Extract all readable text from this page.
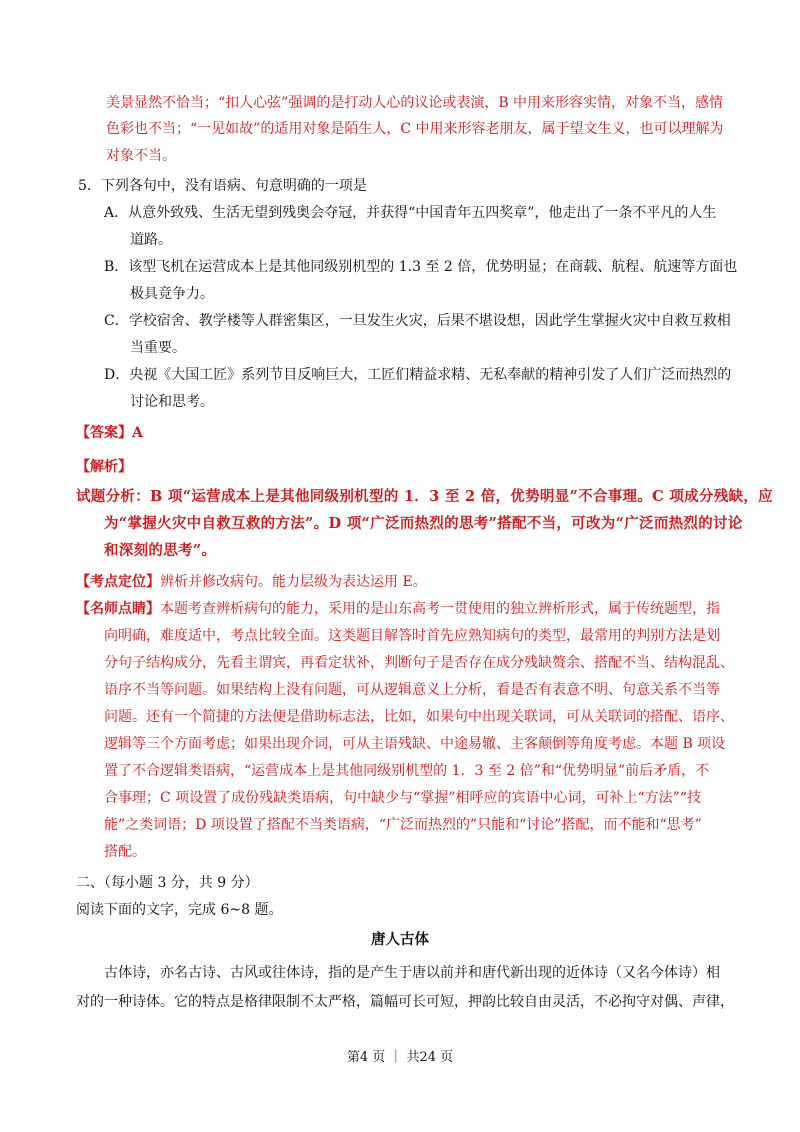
美景显然不恰当；“扣人心弦”强调的是打动人心的议论或表演，B 中用来形容实情，对象不当，感情
色彩也不当；“一见如故”的适用对象是陌生人，C 中用来形容老朋友，属于望文生义，也可以理解为
对象不当。
5．下列各句中，没有语病、句意明确的一项是
A．从意外致残、生活无望到残奥会夺冠，并获得“中国青年五四奖章”，他走出了一条不平凡的人生
道路。
B．该型飞机在运营成本上是其他同级别机型的 1.3 至 2 倍，优势明显；在商载、航程、航速等方面也
极具竞争力。
C．学校宿舍、教学楼等人群密集区，一旦发生火灾，后果不堪设想，因此学生掌握火灾中自救互救相
当重要。
D．央视《大国工匠》系列节目反响巨大，工匠们精益求精、无私奉献的精神引发了人们广泛而热烈的
讨论和思考。
【答案】A
【解析】
试题分析：B 项“运营成本上是其他同级别机型的 1．3 至 2 倍，优势明显”不合事理。C 项成分残缺，应
为“掌握火灾中自救互救的方法”。D 项“广泛而热烈的思考”搭配不当，可改为“广泛而热烈的讨论
和深刻的思考”。
【考点定位】辨析并修改病句。能力层级为表达运用 E。
【名师点睛】本题考查辨析病句的能力，采用的是山东高考一贯使用的独立辨析形式，属于传统题型，指
向明确，难度适中，考点比较全面。这类题目解答时首先应熟知病句的类型，最常用的判别方法是划
分句子结构成分，先看主谓宾，再看定状补，判断句子是否存在成分残缺赘余、搭配不当、结构混乱、
语序不当等问题。如果结构上没有问题，可从逻辑意义上分析，看是否有表意不明、句意关系不当等
问题。还有一个简捷的方法便是借助标志法，比如，如果句中出现关联词，可从关联词的搭配、语序、
逻辑等三个方面考虑；如果出现介词，可从主语残缺、中途易辙、主客颠倒等角度考虑。本题 B 项设
置了不合逻辑类语病，“运营成本上是其他同级别机型的 1．3 至 2 倍”和“优势明显”前后矛盾，不
合事理；C 项设置了成份残缺类语病，句中缺少与“掌握”相呼应的宾语中心词，可补上“方法”“技
能”之类词语；D 项设置了搭配不当类语病，“广泛而热烈的”只能和“讨论”搭配，而不能和“思考”
搭配。
二、（每小题 3 分，共 9 分）
阅读下面的文字，完成 6~8 题。
唐人古体
古体诗，亦名古诗、古风或往体诗，指的是产生于唐以前并和唐代新出现的近体诗（又名今体诗）相
对的一种诗体。它的特点是格律限制不太严格，篇幅可长可短，押韵比较自由灵活，不必拘守对偶、声律，
第4 页 ｜ 共24 页
